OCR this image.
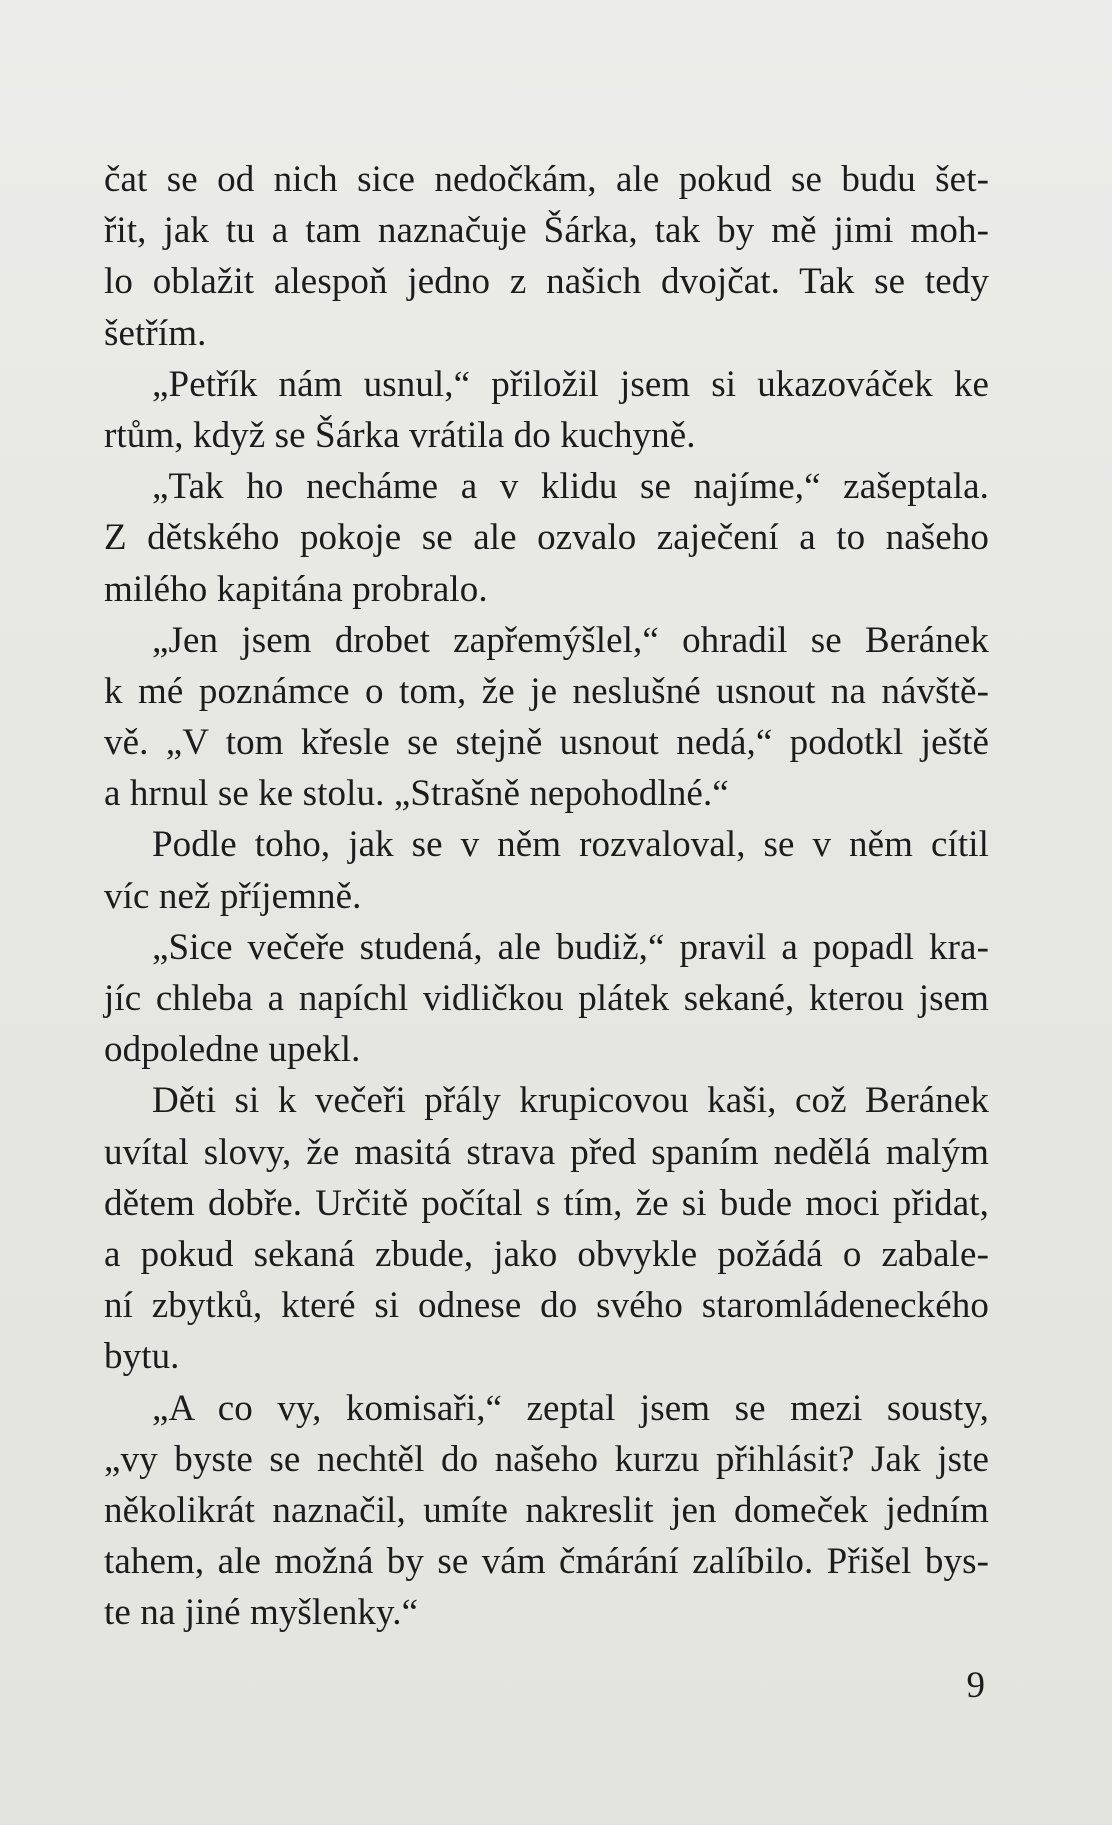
čat se od nich sice nedočkám, ale pokud se budu šet-
řit, jak tu a tam naznačuje Šárka, tak by mě jimi moh-
lo oblažit alespoň jedno z našich dvojčat. Tak se tedy
šetřím.
„Petřík nám usnul,“ přiložil jsem si ukazováček ke
rtům, když se Šárka vrátila do kuchyně.
„Tak ho necháme a v klidu se najíme,“ zašeptala.
Z dětského pokoje se ale ozvalo zaječení a to našeho
milého kapitána probralo.
„Jen jsem drobet zapřemýšlel,“ ohradil se Beránek
k mé poznámce o tom, že je neslušné usnout na návště-
vě. „V tom křesle se stejně usnout nedá,“ podotkl ještě
a hrnul se ke stolu. „Strašně nepohodlné.“
Podle toho, jak se v něm rozvaloval, se v něm cítil
víc než příjemně.
„Sice večeře studená, ale budiž,“ pravil a popadl kra-
jíc chleba a napíchl vidličkou plátek sekané, kterou jsem
odpoledne upekl.
Děti si k večeři přály krupicovou kaši, což Beránek
uvítal slovy, že masitá strava před spaním nedělá malým
dětem dobře. Určitě počítal s tím, že si bude moci přidat,
a pokud sekaná zbude, jako obvykle požádá o zabale-
ní zbytků, které si odnese do svého staromládeneckého
bytu.
„A co vy, komisaři,“ zeptal jsem se mezi sousty,
„vy byste se nechtěl do našeho kurzu přihlásit? Jak jste
několikrát naznačil, umíte nakreslit jen domeček jedním
tahem, ale možná by se vám čmárání zalíbilo. Přišel bys-
te na jiné myšlenky.“
9
